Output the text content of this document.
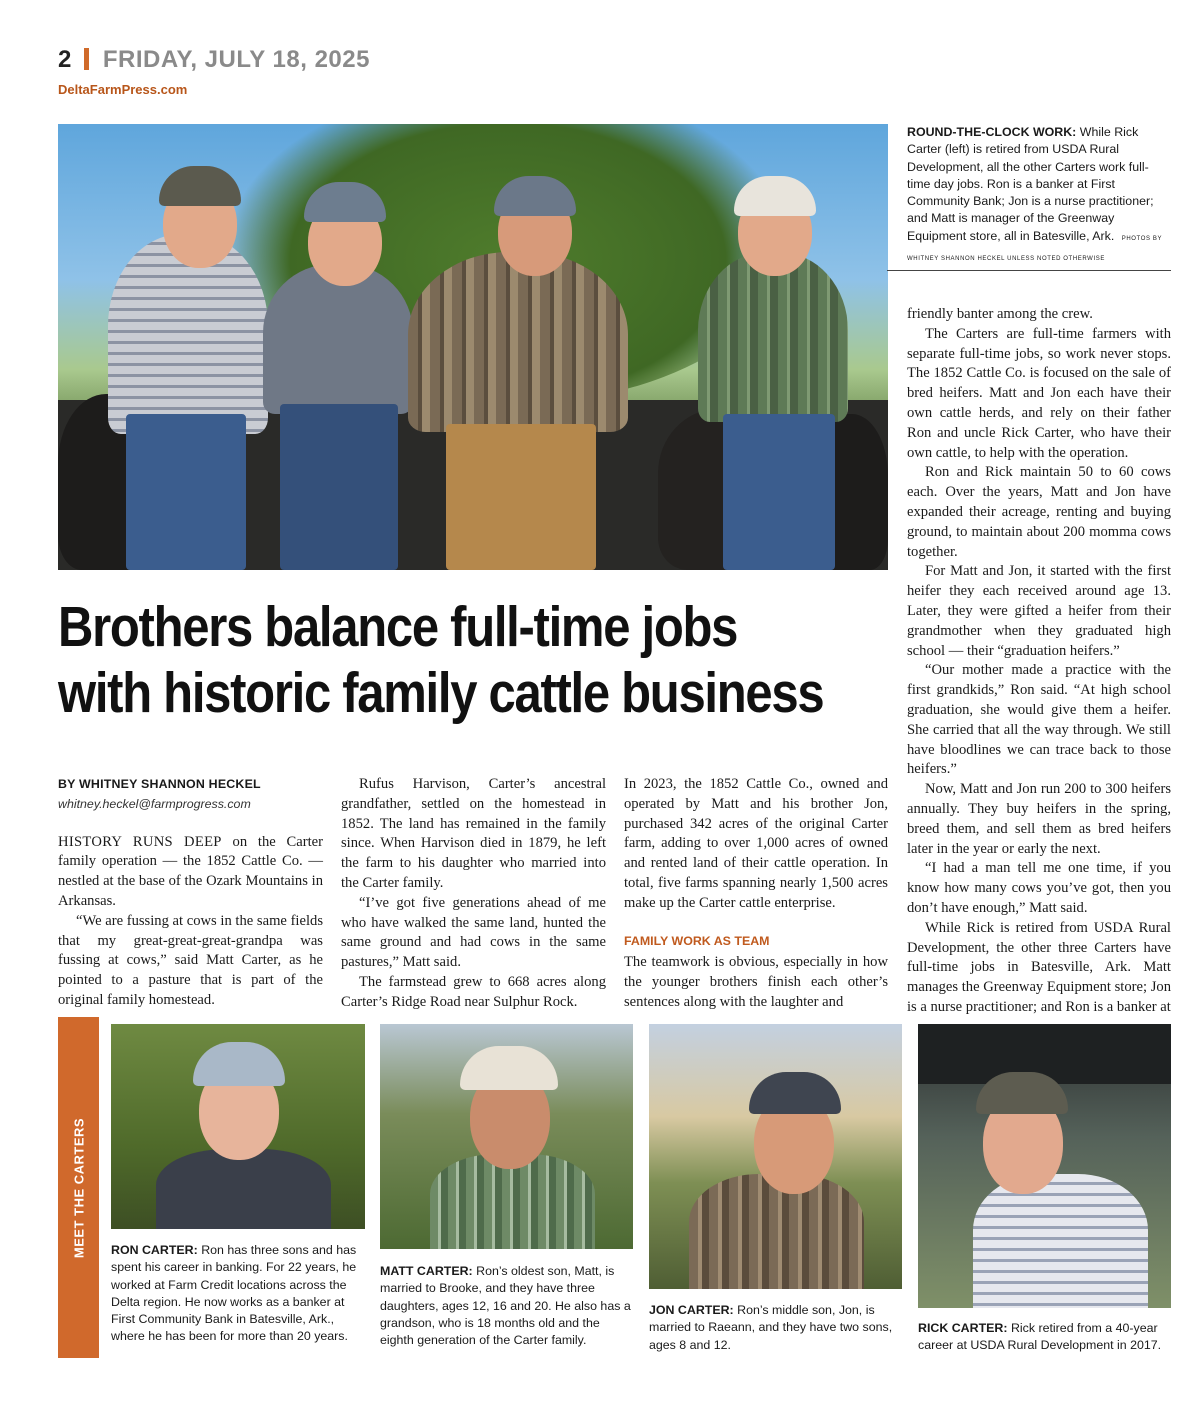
2 FRIDAY, JULY 18, 2025
DeltaFarmPress.com
ROUND-THE-CLOCK WORK: While Rick Carter (left) is retired from USDA Rural Development, all the other Carters work full-time day jobs. Ron is a banker at First Community Bank; Jon is a nurse practitioner; and Matt is manager of the Greenway Equipment store, all in Batesville, Ark. PHOTOS BY WHITNEY SHANNON HECKEL UNLESS NOTED OTHERWISE
Brothers balance full-time jobs
with historic family cattle business
BY WHITNEY SHANNON HECKEL
whitney.heckel@farmprogress.com

HISTORY RUNS DEEP on the Carter family operation — the 1852 Cattle Co. — nestled at the base of the Ozark Mountains in Arkansas.

“We are fussing at cows in the same fields that my great-great-great-grandpa was fussing at cows,” said Matt Carter, as he pointed to a pasture that is part of the original family homestead.

Rufus Harvison, Carter’s ancestral grandfather, settled on the homestead in 1852. The land has remained in the family since. When Harvison died in 1879, he left the farm to his daughter who married into the Carter family.

“I’ve got five generations ahead of me who have walked the same land, hunted the same ground and had cows in the same pastures,” Matt said.

The farmstead grew to 668 acres along Carter’s Ridge Road near Sulphur Rock.

In 2023, the 1852 Cattle Co., owned and operated by Matt and his brother Jon, purchased 342 acres of the original Carter farm, adding to over 1,000 acres of owned and rented land of their cattle operation. In total, five farms spanning nearly 1,500 acres make up the Carter cattle enterprise.

FAMILY WORK AS TEAM

The teamwork is obvious, especially in how the younger brothers finish each other’s sentences along with the laughter and

friendly banter among the crew.

The Carters are full-time farmers with separate full-time jobs, so work never stops. The 1852 Cattle Co. is focused on the sale of bred heifers. Matt and Jon each have their own cattle herds, and rely on their father Ron and uncle Rick Carter, who have their own cattle, to help with the operation.

Ron and Rick maintain 50 to 60 cows each. Over the years, Matt and Jon have expanded their acreage, renting and buying ground, to maintain about 200 momma cows together.

For Matt and Jon, it started with the first heifer they each received around age 13. Later, they were gifted a heifer from their grandmother when they graduated high school — their “graduation heifers.”

“Our mother made a practice with the first grandkids,” Ron said. “At high school graduation, she would give them a heifer. She carried that all the way through. We still have bloodlines we can trace back to those heifers.”

Now, Matt and Jon run 200 to 300 heifers annually. They buy heifers in the spring, breed them, and sell them as bred heifers later in the year or early the next.

“I had a man tell me one time, if you know how many cows you’ve got, then you don’t have enough,” Matt said.

While Rick is retired from USDA Rural Development, the other three Carters have full-time jobs in Batesville, Ark. Matt manages the Greenway Equipment store; Jon is a nurse practitioner; and Ron is a banker at

MEET THE CARTERS RON CARTER: Ron has three sons and has spent his career in banking. For 22 years, he worked at Farm Credit locations across the Delta region. He now works as a banker at First Community Bank in Batesville, Ark., where he has been for more than 20 years.
MATT CARTER: Ron’s oldest son, Matt, is married to Brooke, and they have three daughters, ages 12, 16 and 20. He also has a grandson, who is 18 months old and the eighth generation of the Carter family.
JON CARTER: Ron’s middle son, Jon, is married to Raeann, and they have two sons, ages 8 and 12.
RICK CARTER: Rick retired from a 40-year career at USDA Rural Development in 2017.
